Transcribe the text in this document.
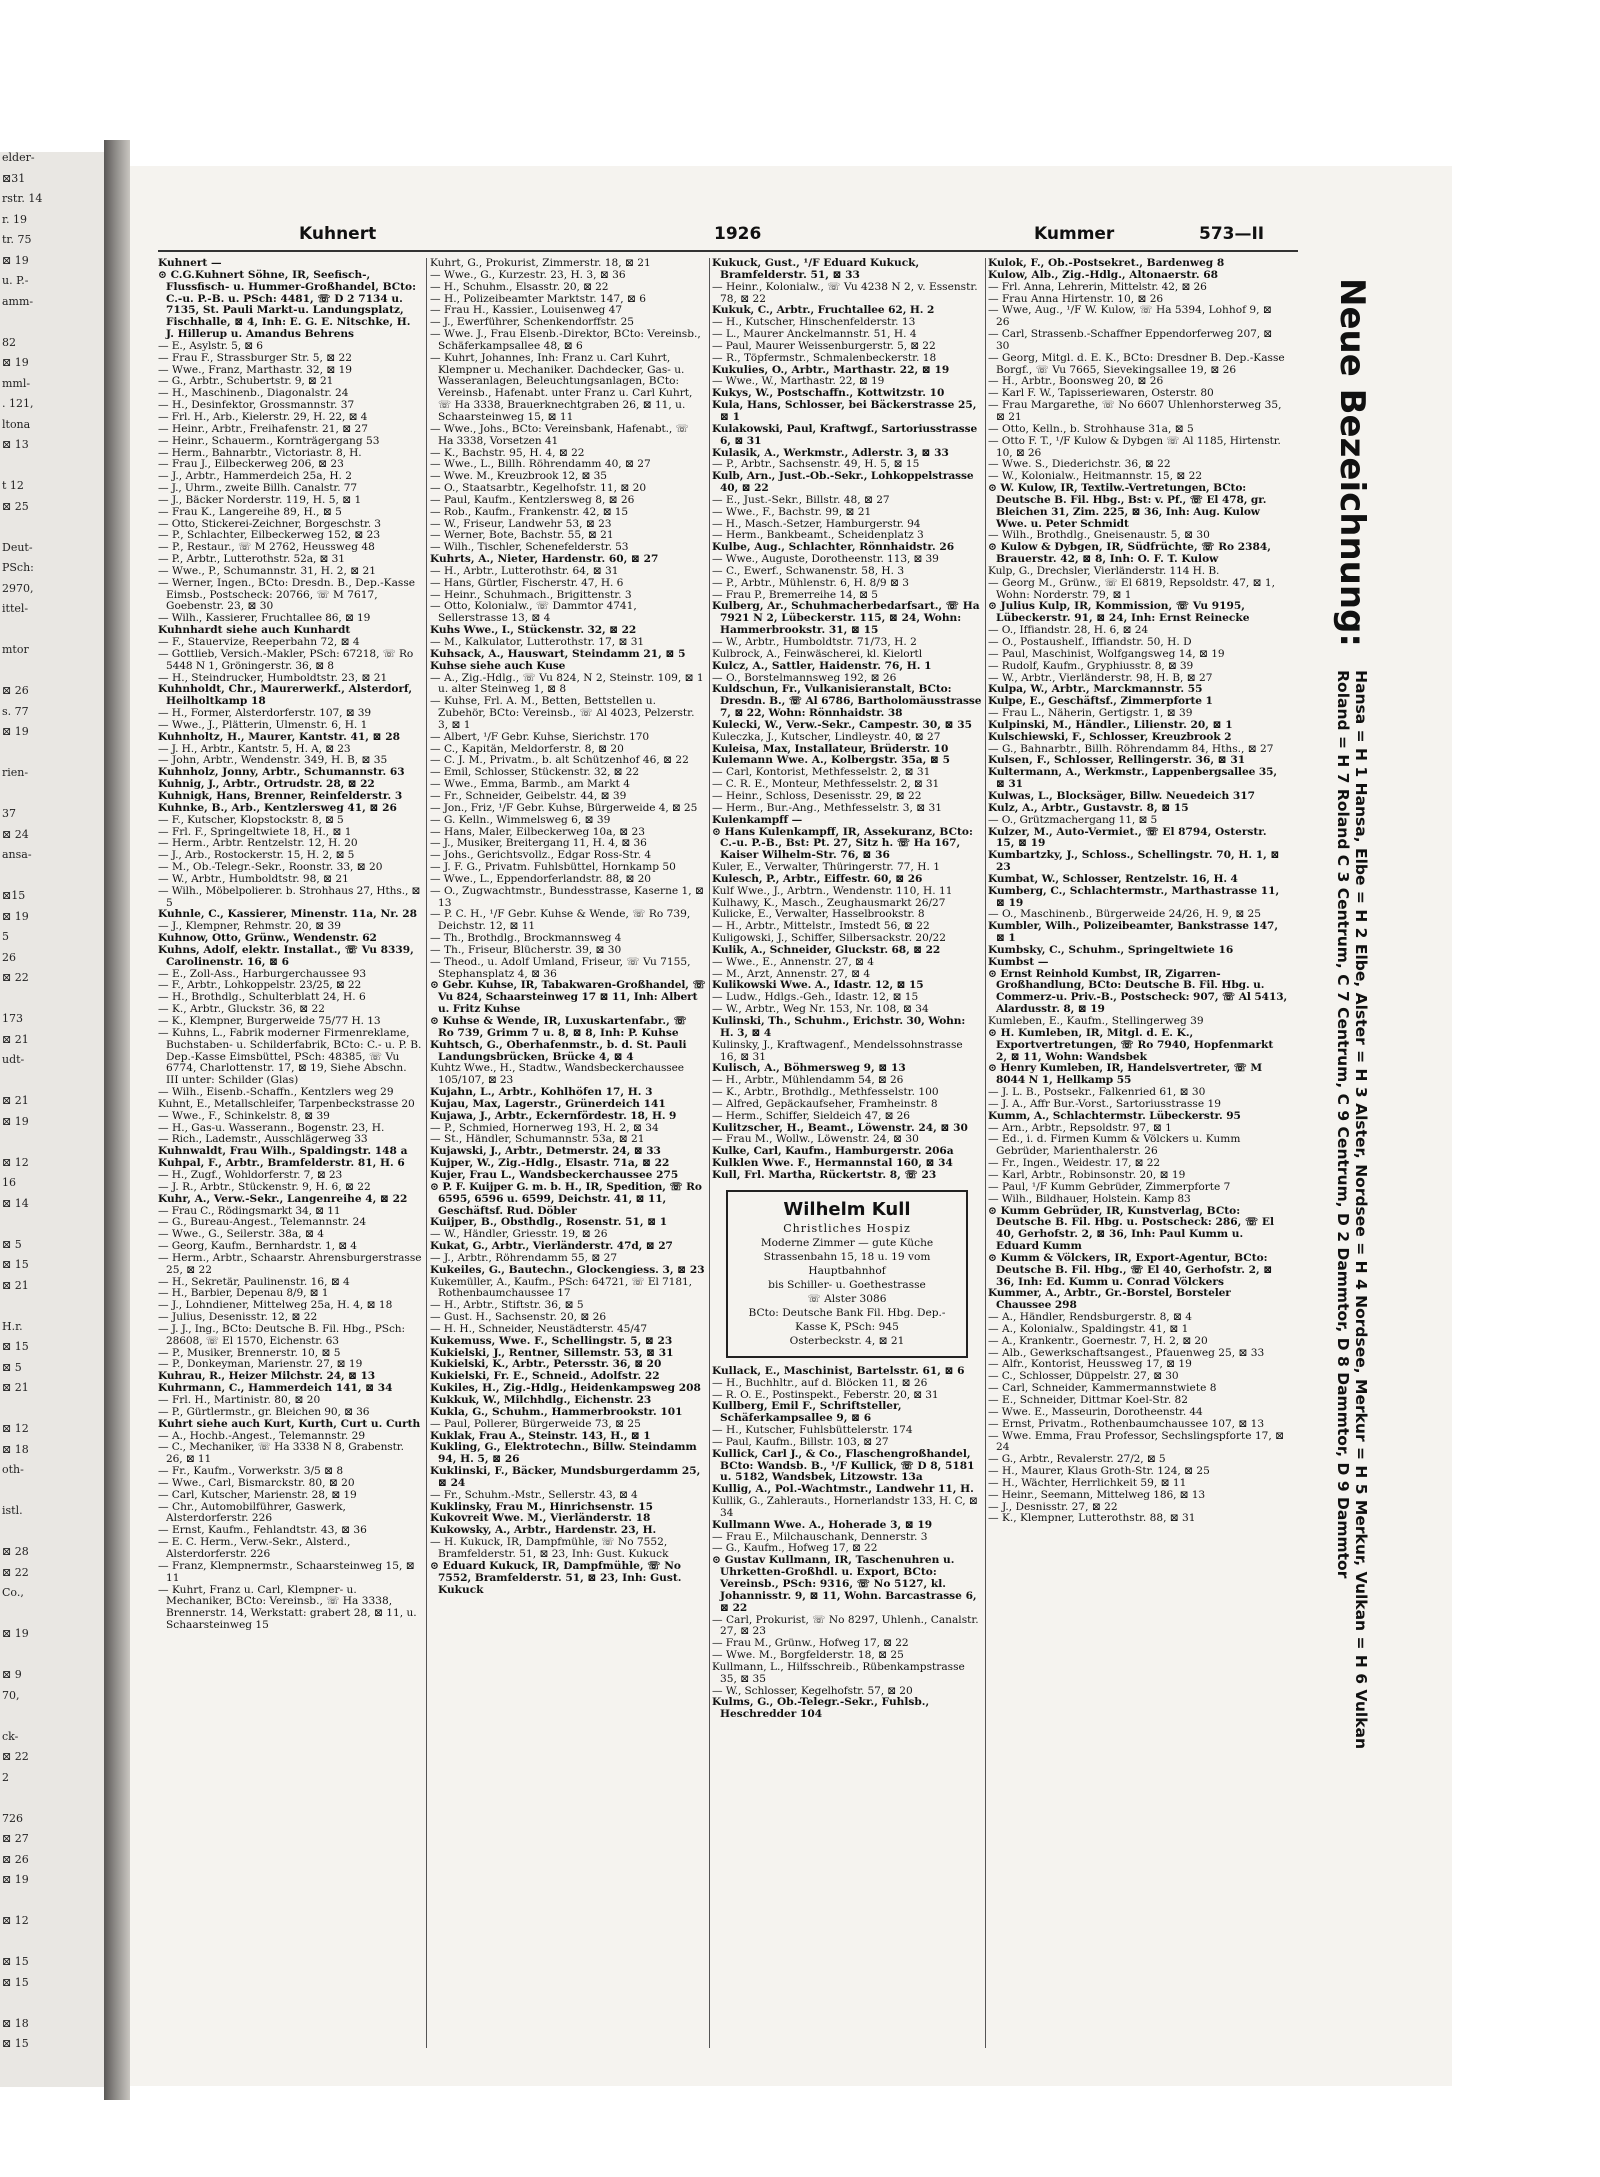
elder-
⊠31
rstr. 14
r. 19
tr. 75
⊠ 19
u. P.-
amm-
82
⊠ 19
mml-
. 121,
ltona
⊠ 13
t 12
⊠ 25
Deut-
PSch:
2970,
ittel-
mtor
⊠ 26
s. 77
⊠ 19
rien-
37
⊠ 24
ansa-
⊠15
⊠ 19
5
26
⊠ 22
173
⊠ 21
udt-
⊠ 21
⊠ 19
⊠ 12
16
⊠ 14
⊠ 5
⊠ 15
⊠ 21
H.r.
⊠ 15
⊠ 5
⊠ 21
⊠ 12
⊠ 18
oth-
istl.
⊠ 28
⊠ 22
Co.,
⊠ 19
⊠ 9
70,
ck-
⊠ 22
2
726
⊠ 27
⊠ 26
⊠ 19
⊠ 12
⊠ 15
⊠ 15
⊠ 18
⊠ 15
Kuhnert	1926	Kummer	573—II

Kuhnert —

⊙ C.G.Kuhnert Söhne, IR, Seefisch-, Flussfisch- u. Hummer-Großhandel, BCto: C.-u. P.-B. u. PSch: 4481, ☏ D 2 7134 u. 7135, St. Pauli Markt-u. Landungsplatz, Fischhalle, ⊠ 4, Inh: E. G. E. Nitschke, H. J. Hillerup u. Amandus Behrens

— E., Asylstr. 5, ⊠ 6

— Frau F., Strassburger Str. 5, ⊠ 22

— Wwe., Franz, Marthastr. 32, ⊠ 19

— G., Arbtr., Schubertstr. 9, ⊠ 21

— H., Maschinenb., Diagonalstr. 24

— H., Desinfektor, Grossmannstr. 37

— Frl. H., Arb., Kielerstr. 29, H. 22, ⊠ 4

— Heinr., Arbtr., Freihafenstr. 21, ⊠ 27

— Heinr., Schauerm., Kornträgergang 53

— Herm., Bahnarbtr., Victoriastr. 8, H.

— Frau J., Eilbeckerweg 206, ⊠ 23

— J., Arbtr., Hammerdeich 25a, H. 2

— J., Uhrm., zweite Billh. Canalstr. 77

— J., Bäcker Norderstr. 119, H. 5, ⊠ 1

— Frau K., Langereihe 89, H., ⊠ 5

— Otto, Stickerei-Zeichner, Borgeschstr. 3

— P., Schlachter, Eilbeckerweg 152, ⊠ 23

— P., Restaur., ☏ M 2762, Heussweg 48

— P., Arbtr., Lutterothstr. 52a, ⊠ 31

— Wwe., P., Schumannstr. 31, H. 2, ⊠ 21

— Werner, Ingen., BCto: Dresdn. B., Dep.-Kasse Eimsb., Postscheck: 20766, ☏ M 7617, Goebenstr. 23, ⊠ 30

— Wilh., Kassierer, Fruchtallee 86, ⊠ 19

Kuhnhardt siehe auch Kunhardt

— F., Stauervize, Reeperbahn 72, ⊠ 4

— Gottlieb, Versich.-Makler, PSch: 67218, ☏ Ro 5448 N 1, Gröningerstr. 36, ⊠ 8

— H., Steindrucker, Humboldtstr. 23, ⊠ 21

Kuhnholdt, Chr., Maurerwerkf., Alsterdorf, Heilholtkamp 18

— H., Former, Alsterdorferstr. 107, ⊠ 39

— Wwe., J., Plätterin, Ulmenstr. 6, H. 1

Kuhnholtz, H., Maurer, Kantstr. 41, ⊠ 28

— J. H., Arbtr., Kantstr. 5, H. A, ⊠ 23

— John, Arbtr., Wendenstr. 349, H. B, ⊠ 35

Kuhnholz, Jonny, Arbtr., Schumannstr. 63

Kuhnig, J., Arbtr., Ortrudstr. 28, ⊠ 22

Kuhnigk, Hans, Brenner, Reinfelderstr. 3

Kuhnke, B., Arb., Kentzlersweg 41, ⊠ 26

— F., Kutscher, Klopstockstr. 8, ⊠ 5

— Frl. F., Springeltwiete 18, H., ⊠ 1

— Herm., Arbtr. Rentzelstr. 12, H. 20

— J., Arb., Rostockerstr. 15, H. 2, ⊠ 5

— M., Ob.-Telegr.-Sekr., Roonstr. 33, ⊠ 20

— W., Arbtr., Humboldtstr. 98, ⊠ 21

— Wilh., Möbelpolierer. b. Strohhaus 27, Hths., ⊠ 5

Kuhnle, C., Kassierer, Minenstr. 11a, Nr. 28

— J., Klempner, Rehmstr. 20, ⊠ 39

Kuhnow, Otto, Grünw., Wendenstr. 62

Kuhns, Adolf, elektr. Installat., ☏ Vu 8339, Carolinenstr. 16, ⊠ 6

— E., Zoll-Ass., Harburgerchaussee 93

— F., Arbtr., Lohkoppelstr. 23/25, ⊠ 22

— H., Brothdlg., Schulterblatt 24, H. 6

— K., Arbtr., Gluckstr. 36, ⊠ 22

— K., Klempner, Burgerweide 75/77 H. 13

— Kuhns, L., Fabrik moderner Firmenreklame, Buchstaben- u. Schilderfabrik, BCto: C.- u. P. B. Dep.-Kasse Eimsbüttel, PSch: 48385, ☏ Vu 6774, Charlottenstr. 17, ⊠ 19, Siehe Abschn. III unter: Schilder (Glas)

— Wilh., Eisenb.-Schaffn., Kentzlers weg 29

Kuhnt, E., Metallschleifer, Tarpenbeckstrasse 20

— Wwe., F., Schinkelstr. 8, ⊠ 39

— H., Gas-u. Wasserann., Bogenstr. 23, H.

— Rich., Lademstr., Ausschlägerweg 33

Kuhnwaldt, Frau Wilh., Spaldingstr. 148 a

Kuhpal, F., Arbtr., Bramfelderstr. 81, H. 6

— H., Zugf., Wohldorferstr. 7, ⊠ 23

— J. R., Arbtr., Stückenstr. 9, H. 6, ⊠ 22

Kuhr, A., Verw.-Sekr., Langenreihe 4, ⊠ 22

— Frau C., Rödingsmarkt 34, ⊠ 11

— G., Bureau-Angest., Telemannstr. 24

— Wwe., G., Seilerstr. 38a, ⊠ 4

— Georg, Kaufm., Bernhardstr. 1, ⊠ 4

— Herm., Arbtr., Schaarstr. Ahrensburgerstrasse 25, ⊠ 22

— H., Sekretär, Paulinenstr. 16, ⊠ 4

— H., Barbier, Depenau 8/9, ⊠ 1

— J., Lohndiener, Mittelweg 25a, H. 4, ⊠ 18

— Julius, Desenisstr. 12, ⊠ 22

— J. J., Ing., BCto: Deutsche B. Fil. Hbg., PSch: 28608, ☏ El 1570, Eichenstr. 63

— P., Musiker, Brennerstr. 10, ⊠ 5

— P., Donkeyman, Marienstr. 27, ⊠ 19

Kuhrau, R., Heizer Milchstr. 24, ⊠ 13

Kuhrmann, C., Hammerdeich 141, ⊠ 34

— Frl. H., Martinistr. 80, ⊠ 20

— P., Gürtlermstr., gr. Bleichen 90, ⊠ 36

Kuhrt siehe auch Kurt, Kurth, Curt u. Curth

— A., Hochb.-Angest., Telemannstr. 29

— C., Mechaniker, ☏ Ha 3338 N 8, Grabenstr. 26, ⊠ 11

— Fr., Kaufm., Vorwerkstr. 3/5 ⊠ 8

— Wwe., Carl, Bismarckstr. 80, ⊠ 20

— Carl, Kutscher, Marienstr. 28, ⊠ 19

— Chr., Automobilführer, Gaswerk, Alsterdorferstr. 226

— Ernst, Kaufm., Fehlandtstr. 43, ⊠ 36

— E. C. Herm., Verw.-Sekr., Alsterd., Alsterdorferstr. 226

— Franz, Klempnermstr., Schaarsteinweg 15, ⊠ 11

— Kuhrt, Franz u. Carl, Klempner- u. Mechaniker, BCto: Vereinsb., ☏ Ha 3338, Brennerstr. 14, Werkstatt: grabert 28, ⊠ 11, u. Schaarsteinweg 15

Kuhrt, G., Prokurist, Zimmerstr. 18, ⊠ 21

— Wwe., G., Kurzestr. 23, H. 3, ⊠ 36

— H., Schuhm., Elsasstr. 20, ⊠ 22

— H., Polizeibeamter Marktstr. 147, ⊠ 6

— Frau H., Kassier., Louisenweg 47

— J., Ewerführer, Schenkendorffstr. 25

— Wwe. J., Frau Elsenb.-Direktor, BCto: Vereinsb., Schäferkampsallee 48, ⊠ 6

— Kuhrt, Johannes, Inh: Franz u. Carl Kuhrt, Klempner u. Mechaniker. Dachdecker, Gas- u. Wasseranlagen, Beleuchtungsanlagen, BCto: Vereinsb., Hafenabt. unter Franz u. Carl Kuhrt, ☏ Ha 3338, Brauerknechtgraben 26, ⊠ 11, u. Schaarsteinweg 15, ⊠ 11

— Wwe., Johs., BCto: Vereinsbank, Hafenabt., ☏ Ha 3338, Vorsetzen 41

— K., Bachstr. 95, H. 4, ⊠ 22

— Wwe., L., Billh. Röhrendamm 40, ⊠ 27

— Wwe. M., Kreuzbrook 12, ⊠ 35

— O., Staatsarbtr., Kegelhofstr. 11, ⊠ 20

— Paul, Kaufm., Kentzlersweg 8, ⊠ 26

— Rob., Kaufm., Frankenstr. 42, ⊠ 15

— W., Friseur, Landwehr 53, ⊠ 23

— Werner, Bote, Bachstr. 55, ⊠ 21

— Wilh., Tischler, Schenefelderstr. 53

Kuhrts, A., Nieter, Hardenstr. 60, ⊠ 27

— H., Arbtr., Lutterothstr. 64, ⊠ 31

— Hans, Gürtler, Fischerstr. 47, H. 6

— Heinr., Schuhmach., Brigittenstr. 3

— Otto, Kolonialw., ☏ Dammtor 4741, Sellerstrasse 13, ⊠ 4

Kuhs Wwe., I., Stückenstr. 32, ⊠ 22

— M., Kalkulator, Lutterothstr. 17, ⊠ 31

Kuhsack, A., Hauswart, Steindamm 21, ⊠ 5

Kuhse siehe auch Kuse

— A., Zig.-Hdlg., ☏ Vu 824, N 2, Steinstr. 109, ⊠ 1 u. alter Steinweg 1, ⊠ 8

— Kuhse, Frl. A. M., Betten, Bettstellen u. Zubehör, BCto: Vereinsb., ☏ Al 4023, Pelzerstr. 3, ⊠ 1

— Albert, ¹/F Gebr. Kuhse, Sierichstr. 170

— C., Kapitän, Meldorferstr. 8, ⊠ 20

— C. J. M., Privatm., b. alt Schützenhof 46, ⊠ 22

— Emil, Schlosser, Stückenstr. 32, ⊠ 22

— Wwe., Emma, Barmb., am Markt 4

— Fr., Schneider, Geibelstr. 44, ⊠ 39

— Jon., Friz, ¹/F Gebr. Kuhse, Bürgerweide 4, ⊠ 25

— G. Kelln., Wimmelsweg 6, ⊠ 39

— Hans, Maler, Eilbeckerweg 10a, ⊠ 23

— J., Musiker, Breitergang 11, H. 4, ⊠ 36

— Johs., Gerichtsvollz., Edgar Ross-Str. 4

— J. F. G., Privatm. Fuhlsbüttel, Hornkamp 50

— Wwe., L., Eppendorferlandstr. 88, ⊠ 20

— O., Zugwachtmstr., Bundesstrasse, Kaserne 1, ⊠ 13

— P. C. H., ¹/F Gebr. Kuhse & Wende, ☏ Ro 739, Deichstr. 12, ⊠ 11

— Th., Brothdlg., Brockmannsweg 4

— Th., Friseur, Blücherstr. 39, ⊠ 30

— Theod., u. Adolf Umland, Friseur, ☏ Vu 7155, Stephansplatz 4, ⊠ 36

⊙ Gebr. Kuhse, IR, Tabakwaren-Großhandel, ☏ Vu 824, Schaarsteinweg 17 ⊠ 11, Inh: Albert u. Fritz Kuhse

⊙ Kuhse & Wende, IR, Luxuskartenfabr., ☏ Ro 739, Grimm 7 u. 8, ⊠ 8, Inh: P. Kuhse

Kuhtsch, G., Oberhafenmstr., b. d. St. Pauli Landungsbrücken, Brücke 4, ⊠ 4

Kuhtz Wwe., H., Stadtw., Wandsbeckerchaussee 105/107, ⊠ 23

Kujahn, L., Arbtr., Kohlhöfen 17, H. 3

Kujau, Max, Lagerstr., Grünerdeich 141

Kujawa, J., Arbtr., Eckernfördestr. 18, H. 9

— P., Schmied, Hornerweg 193, H. 2, ⊠ 34

— St., Händler, Schumannstr. 53a, ⊠ 21

Kujawski, J., Arbtr., Detmerstr. 24, ⊠ 33

Kujper, W., Zig.-Hdlg., Elsastr. 71a, ⊠ 22

Kujer, Frau L., Wandsbeckerchaussee 275

⊙ P. F. Kuijper G. m. b. H., IR, Spedition, ☏ Ro 6595, 6596 u. 6599, Deichstr. 41, ⊠ 11, Geschäftsf. Rud. Döbler

Kuijper, B., Obsthdlg., Rosenstr. 51, ⊠ 1

— W., Händler, Griesstr. 19, ⊠ 26

Kukat, G., Arbtr., Vierländerstr. 47d, ⊠ 27

— J., Arbtr., Röhrendamm 55, ⊠ 27

Kukeiles, G., Bautechn., Glockengiess. 3, ⊠ 23

Kukemüller, A., Kaufm., PSch: 64721, ☏ El 7181, Rothenbaumchaussee 17

— H., Arbtr., Stiftstr. 36, ⊠ 5

— Gust. H., Sachsenstr. 20, ⊠ 26

— H. H., Schneider, Neustädterstr. 45/47

Kukemuss, Wwe. F., Schellingstr. 5, ⊠ 23

Kukielski, J., Rentner, Sillemstr. 53, ⊠ 31

Kukielski, K., Arbtr., Petersstr. 36, ⊠ 20

Kukielski, Fr. E., Schneid., Adolfstr. 22

Kukiles, H., Zig.-Hdlg., Heidenkampsweg 208

Kukkuk, W., Milchhdlg., Eichenstr. 23

Kukla, G., Schuhm., Hammerbrookstr. 101

— Paul, Pollerer, Bürgerweide 73, ⊠ 25

Kuklak, Frau A., Steinstr. 143, H., ⊠ 1

Kukling, G., Elektrotechn., Billw. Steindamm 94, H. 5, ⊠ 26

Kuklinski, F., Bäcker, Mundsburgerdamm 25, ⊠ 24

— Fr., Schuhm.-Mstr., Sellerstr. 43, ⊠ 4

Kuklinsky, Frau M., Hinrichsenstr. 15

Kukovreit Wwe. M., Vierländerstr. 18

Kukowsky, A., Arbtr., Hardenstr. 23, H.

— H. Kukuck, IR, Dampfmühle, ☏ No 7552, Bramfelderstr. 51, ⊠ 23, Inh: Gust. Kukuck

⊙ Eduard Kukuck, IR, Dampfmühle, ☏ No 7552, Bramfelderstr. 51, ⊠ 23, Inh: Gust. Kukuck

Kukuck, Gust., ¹/F Eduard Kukuck, Bramfelderstr. 51, ⊠ 33

— Heinr., Kolonialw., ☏ Vu 4238 N 2, v. Essenstr. 78, ⊠ 22

Kukuk, C., Arbtr., Fruchtallee 62, H. 2

— H., Kutscher, Hinschenfelderstr. 13

— L., Maurer Anckelmannstr. 51, H. 4

— Paul, Maurer Weissenburgerstr. 5, ⊠ 22

— R., Töpfermstr., Schmalenbeckerstr. 18

Kukulies, O., Arbtr., Marthastr. 22, ⊠ 19

— Wwe., W., Marthastr. 22, ⊠ 19

Kukys, W., Postschaffn., Kottwitzstr. 10

Kula, Hans, Schlosser, bei Bäckerstrasse 25, ⊠ 1

Kulakowski, Paul, Kraftwgf., Sartoriusstrasse 6, ⊠ 31

Kulasik, A., Werkmstr., Adlerstr. 3, ⊠ 33

— P., Arbtr., Sachsenstr. 49, H. 5, ⊠ 15

Kulb, Arn., Just.-Ob.-Sekr., Lohkoppelstrasse 40, ⊠ 22

— E., Just.-Sekr., Billstr. 48, ⊠ 27

— Wwe., F., Bachstr. 99, ⊠ 21

— H., Masch.-Setzer, Hamburgerstr. 94

— Herm., Bankbeamt., Scheidenplatz 3

Kulbe, Aug., Schlachter, Rönnhaidstr. 26

— Wwe., Auguste, Dorotheenstr. 113, ⊠ 39

— C., Ewerf., Schwanenstr. 58, H. 3

— P., Arbtr., Mühlenstr. 6, H. 8/9 ⊠ 3

— Frau P., Bremerreihe 14, ⊠ 5

Kulberg, Ar., Schuhmacherbedarfsart., ☏ Ha 7921 N 2, Lübeckerstr. 115, ⊠ 24, Wohn: Hammerbrookstr. 31, ⊠ 15

— W., Arbtr., Humboldtstr. 71/73, H. 2

Kulbrock, A., Feinwäscherei, kl. Kielortl

Kulcz, A., Sattler, Haidenstr. 76, H. 1

— O., Borstelmannsweg 192, ⊠ 26

Kuldschun, Fr., Vulkanisieranstalt, BCto: Dresdn. B., ☏ Al 6786, Bartholomäusstrasse 7, ⊠ 22, Wohn: Rönnhaidstr. 38

Kulecki, W., Verw.-Sekr., Campestr. 30, ⊠ 35

Kuleczka, J., Kutscher, Lindleystr. 40, ⊠ 27

Kuleisa, Max, Installateur, Brüderstr. 10

Kulemann Wwe. A., Kolbergstr. 35a, ⊠ 5

— Carl, Kontorist, Methfesselstr. 2, ⊠ 31

— C. R. E., Monteur, Methfesselstr. 2, ⊠ 31

— Heinr., Schloss, Desenisstr. 29, ⊠ 22

— Herm., Bur.-Ang., Methfesselstr. 3, ⊠ 31

Kulenkampff —

⊙ Hans Kulenkampff, IR, Assekuranz, BCto: C.-u. P.-B., Bst: Pt. 27, Sitz h. ☏ Ha 167, Kaiser Wilhelm-Str. 76, ⊠ 36

Kuler, E., Verwalter, Thüringerstr. 77, H. 1

Kulesch, P., Arbtr., Eiffestr. 60, ⊠ 26

Kulf Wwe., J., Arbtrn., Wendenstr. 110, H. 11

Kulhawy, K., Masch., Zeughausmarkt 26/27

Kulicke, E., Verwalter, Hasselbrookstr. 8

— H., Arbtr., Mittelstr., Imstedt 56, ⊠ 22

Kuligowski, J., Schiffer, Silbersackstr. 20/22

Kulik, A., Schneider, Gluckstr. 68, ⊠ 22

— Wwe., E., Annenstr. 27, ⊠ 4

— M., Arzt, Annenstr. 27, ⊠ 4

Kulikowski Wwe. A., Idastr. 12, ⊠ 15

— Ludw., Hdlgs.-Geh., Idastr. 12, ⊠ 15

— W., Arbtr., Weg Nr. 153, Nr. 108, ⊠ 34

Kulinski, Th., Schuhm., Erichstr. 30, Wohn: H. 3, ⊠ 4

Kulinsky, J., Kraftwagenf., Mendelssohnstrasse 16, ⊠ 31

Kulisch, A., Böhmersweg 9, ⊠ 13

— H., Arbtr., Mühlendamm 54, ⊠ 26

— K., Arbtr., Brothdlg., Methfesselstr. 100

— Alfred, Gepäckaufseher, Framheinstr. 8

— Herm., Schiffer, Sieldeich 47, ⊠ 26

Kulitzscher, H., Beamt., Löwenstr. 24, ⊠ 30

— Frau M., Wollw., Löwenstr. 24, ⊠ 30

Kulke, Carl, Kaufm., Hamburgerstr. 206a

Kulklen Wwe. F., Hermannstal 160, ⊠ 34

Kull, Frl. Martha, Rückertstr. 8, ☏ 23

Wilhelm Kull
Christliches Hospiz
Moderne Zimmer — gute Küche
Strassenbahn 15, 18 u. 19 vom Hauptbahnhof
bis Schiller- u. Goethestrasse
☏ Alster 3086
BCto: Deutsche Bank Fil. Hbg. Dep.-Kasse K, PSch: 945
Osterbeckstr. 4, ⊠ 21

Kullack, E., Maschinist, Bartelsstr. 61, ⊠ 6

— H., Buchhltr., auf d. Blöcken 11, ⊠ 26

— R. O. E., Postinspekt., Feberstr. 20, ⊠ 31

Kullberg, Emil F., Schriftsteller, Schäferkampsallee 9, ⊠ 6

— H., Kutscher, Fuhlsbüttelerstr. 174

— Paul, Kaufm., Billstr. 103, ⊠ 27

Kullick, Carl J., & Co., Flaschengroßhandel, BCto: Wandsb. B., ¹/F Kullick, ☏ D 8, 5181 u. 5182, Wandsbek, Litzowstr. 13a

Kullig, A., Pol.-Wachtmstr., Landwehr 11, H.

Kullik, G., Zahlerauts., Hornerlandstr 133, H. C, ⊠ 34

Kullmann Wwe. A., Hoherade 3, ⊠ 19

— Frau E., Milchauschank, Dennerstr. 3

— G., Kaufm., Hofweg 17, ⊠ 22

⊙ Gustav Kullmann, IR, Taschenuhren u. Uhrketten-Großhdl. u. Export, BCto: Vereinsb., PSch: 9316, ☏ No 5127, kl. Johannisstr. 9, ⊠ 11, Wohn. Barcastrasse 6, ⊠ 22

— Carl, Prokurist, ☏ No 8297, Uhlenh., Canalstr. 27, ⊠ 23

— Frau M., Grünw., Hofweg 17, ⊠ 22

— Wwe. M., Borgfelderstr. 18, ⊠ 25

Kullmann, L., Hilfsschreib., Rübenkampstrasse 35, ⊠ 35

— W., Schlosser, Kegelhofstr. 57, ⊠ 20

Kulms, G., Ob.-Telegr.-Sekr., Fuhlsb., Heschredder 104

Kulok, F., Ob.-Postsekret., Bardenweg 8

Kulow, Alb., Zig.-Hdlg., Altonaerstr. 68

— Frl. Anna, Lehrerin, Mittelstr. 42, ⊠ 26

— Frau Anna Hirtenstr. 10, ⊠ 26

— Wwe, Aug., ¹/F W. Kulow, ☏ Ha 5394, Lohhof 9, ⊠ 26

— Carl, Strassenb.-Schaffner Eppendorferweg 207, ⊠ 30

— Georg, Mitgl. d. E. K., BCto: Dresdner B. Dep.-Kasse Borgf., ☏ Vu 7665, Sievekingsallee 19, ⊠ 26

— H., Arbtr., Boonsweg 20, ⊠ 26

— Karl F. W., Tapisseriewaren, Osterstr. 80

— Frau Margarethe, ☏ No 6607 Uhlenhorsterweg 35, ⊠ 21

— Otto, Kelln., b. Strohhause 31a, ⊠ 5

— Otto F. T., ¹/F Kulow & Dybgen ☏ Al 1185, Hirtenstr. 10, ⊠ 26

— Wwe. S., Diederichstr. 36, ⊠ 22

— W., Kolonialw., Heitmannstr. 15, ⊠ 22

⊙ W. Kulow, IR, Textilw.-Vertretungen, BCto: Deutsche B. Fil. Hbg., Bst: v. Pf., ☏ El 478, gr. Bleichen 31, Zim. 225, ⊠ 36, Inh: Aug. Kulow Wwe. u. Peter Schmidt

— Wilh., Brothdlg., Gneisenaustr. 5, ⊠ 30

⊙ Kulow & Dybgen, IR, Südfrüchte, ☏ Ro 2384, Brauerstr. 42, ⊠ 8, Inh: O. F. T. Kulow

Kulp, G., Drechsler, Vierländerstr. 114 H. B.

— Georg M., Grünw., ☏ El 6819, Repsoldstr. 47, ⊠ 1, Wohn: Norderstr. 79, ⊠ 1

⊙ Julius Kulp, IR, Kommission, ☏ Vu 9195, Lübeckerstr. 91, ⊠ 24, Inh: Ernst Reinecke

— O., Iffiandstr. 28, H. 6, ⊠ 24

— O., Postaushelf., Iffiandstr. 50, H. D

— Paul, Maschinist, Wolfgangsweg 14, ⊠ 19

— Rudolf, Kaufm., Gryphiusstr. 8, ⊠ 39

— W., Arbtr., Vierländerstr. 98, H. B, ⊠ 27

Kulpa, W., Arbtr., Marckmannstr. 55

Kulpe, E., Geschäftsf., Zimmerpforte 1

— Frau L., Näherin, Gertigstr. 1, ⊠ 39

Kulpinski, M., Händler., Lilienstr. 20, ⊠ 1

Kulschiewski, F., Schlosser, Kreuzbrook 2

— G., Bahnarbtr., Billh. Röhrendamm 84, Hths., ⊠ 27

Kulsen, F., Schlosser, Rellingerstr. 36, ⊠ 31

Kultermann, A., Werkmstr., Lappenbergsallee 35, ⊠ 31

Kulwas, L., Blocksäger, Billw. Neuedeich 317

Kulz, A., Arbtr., Gustavstr. 8, ⊠ 15

— O., Grützmachergang 11, ⊠ 5

Kulzer, M., Auto-Vermiet., ☏ El 8794, Osterstr. 15, ⊠ 19

Kumbartzky, J., Schloss., Schellingstr. 70, H. 1, ⊠ 23

Kumbat, W., Schlosser, Rentzelstr. 16, H. 4

Kumberg, C., Schlachtermstr., Marthastrasse 11, ⊠ 19

— O., Maschinenb., Bürgerweide 24/26, H. 9, ⊠ 25

Kumbler, Wilh., Polizeibeamter, Bankstrasse 147, ⊠ 1

Kumbsky, C., Schuhm., Springeltwiete 16

Kumbst —

⊙ Ernst Reinhold Kumbst, IR, Zigarren-Großhandlung, BCto: Deutsche B. Fil. Hbg. u. Commerz-u. Priv.-B., Postscheck: 907, ☏ Al 5413, Alardusstr. 8, ⊠ 19

Kumleben, E., Kaufm., Stellingerweg 39

⊙ H. Kumleben, IR, Mitgl. d. E. K., Exportvertretungen, ☏ Ro 7940, Hopfenmarkt 2, ⊠ 11, Wohn: Wandsbek

⊙ Henry Kumleben, IR, Handelsvertreter, ☏ M 8044 N 1, Hellkamp 55

— J. L. B., Postsekr., Falkenried 61, ⊠ 30

— J. A., Affr Bur.-Vorst., Sartoriusstrasse 19

Kumm, A., Schlachtermstr. Lübeckerstr. 95

— Arn., Arbtr., Repsoldstr. 97, ⊠ 1

— Ed., i. d. Firmen Kumm & Völckers u. Kumm Gebrüder, Marienthalerstr. 26

— Fr., Ingen., Weidestr. 17, ⊠ 22

— Karl, Arbtr., Robinsonstr. 20, ⊠ 19

— Paul, ¹/F Kumm Gebrüder, Zimmerpforte 7

— Wilh., Bildhauer, Holstein. Kamp 83

⊙ Kumm Gebrüder, IR, Kunstverlag, BCto: Deutsche B. Fil. Hbg. u. Postscheck: 286, ☏ El 40, Gerhofstr. 2, ⊠ 36, Inh: Paul Kumm u. Eduard Kumm

⊙ Kumm & Völckers, IR, Export-Agentur, BCto: Deutsche B. Fil. Hbg., ☏ El 40, Gerhofstr. 2, ⊠ 36, Inh: Ed. Kumm u. Conrad Völckers

Kummer, A., Arbtr., Gr.-Borstel, Borsteler Chaussee 298

— A., Händler, Rendsburgerstr. 8, ⊠ 4

— A., Kolonialw., Spaldingstr. 41, ⊠ 1

— A., Krankentr., Goernestr. 7, H. 2, ⊠ 20

— Alb., Gewerkschaftsangest., Pfauenweg 25, ⊠ 33

— Alfr., Kontorist, Heussweg 17, ⊠ 19

— C., Schlosser, Düppelstr. 27, ⊠ 30

— Carl, Schneider, Kammermannstwiete 8

— E., Schneider, Dittmar Koel-Str. 82

— Wwe. E., Masseurin, Dorotheenstr. 44

— Ernst, Privatm., Rothenbaumchaussee 107, ⊠ 13

— Wwe. Emma, Frau Professor, Sechslingspforte 17, ⊠ 24

— G., Arbtr., Revalerstr. 27/2, ⊠ 5

— H., Maurer, Klaus Groth-Str. 124, ⊠ 25

— H., Wächter, Herrlichkeit 59, ⊠ 11

— Heinr., Seemann, Mittelweg 186, ⊠ 13

— J., Desnisstr. 27, ⊠ 22

— K., Klempner, Lutterothstr. 88, ⊠ 31

Neue Bezeichnung:
Hansa = H 1 Hansa, Elbe = H 2 Elbe, Alster = H 3 Alster, Nordsee = H 4 Nordsee, Merkur = H 5 Merkur, Vulkan = H 6 Vulkan
Roland = H 7 Roland C 3 Centrum, C 7 Centrum, C 9 Centrum, D 2 Dammtor, D 8 Dammtor, D 9 Dammtor
